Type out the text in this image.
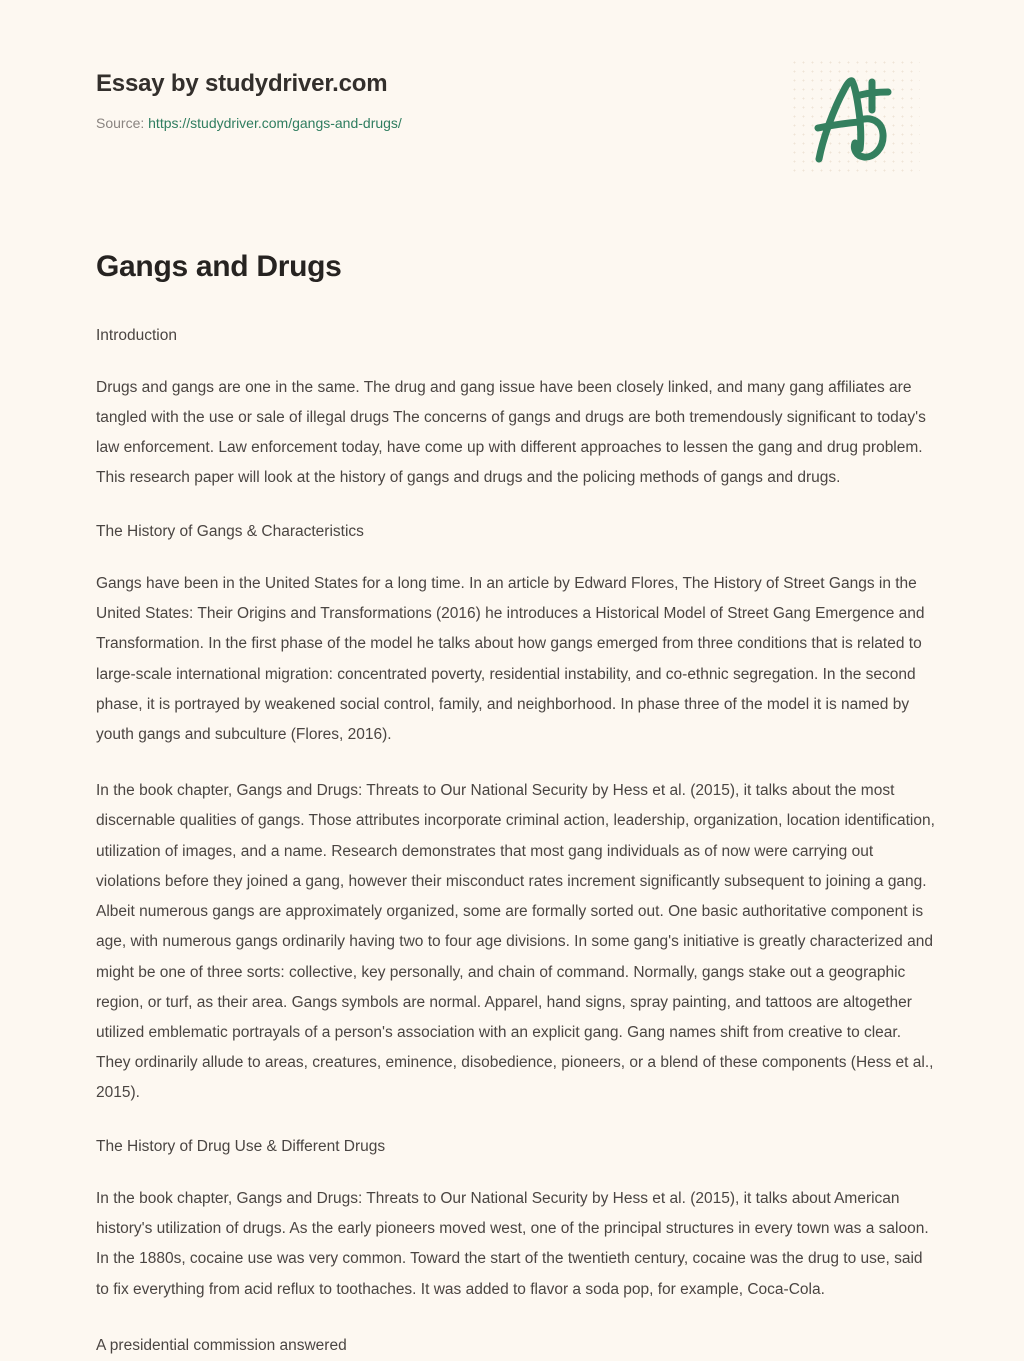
Essay by studydriver.com
Source: https://studydriver.com/gangs-and-drugs/
Gangs and Drugs
Introduction

Drugs and gangs are one in the same. The drug and gang issue have been closely linked, and many gang affiliates are tangled with the use or sale of illegal drugs The concerns of gangs and drugs are both tremendously significant to today's law enforcement. Law enforcement today, have come up with different approaches to lessen the gang and drug problem. This research paper will look at the history of gangs and drugs and the policing methods of gangs and drugs.

The History of Gangs & Characteristics

Gangs have been in the United States for a long time. In an article by Edward Flores, The History of Street Gangs in the United States: Their Origins and Transformations (2016) he introduces a Historical Model of Street Gang Emergence and Transformation. In the first phase of the model he talks about how gangs emerged from three conditions that is related to large-scale international migration: concentrated poverty, residential instability, and co-ethnic segregation. In the second phase, it is portrayed by weakened social control, family, and neighborhood. In phase three of the model it is named by youth gangs and subculture (Flores, 2016).

In the book chapter, Gangs and Drugs: Threats to Our National Security by Hess et al. (2015), it talks about the most discernable qualities of gangs. Those attributes incorporate criminal action, leadership, organization, location identification, utilization of images, and a name. Research demonstrates that most gang individuals as of now were carrying out violations before they joined a gang, however their misconduct rates increment significantly subsequent to joining a gang. Albeit numerous gangs are approximately organized, some are formally sorted out. One basic authoritative component is age, with numerous gangs ordinarily having two to four age divisions. In some gang's initiative is greatly characterized and might be one of three sorts: collective, key personally, and chain of command. Normally, gangs stake out a geographic region, or turf, as their area. Gangs symbols are normal. Apparel, hand signs, spray painting, and tattoos are altogether utilized emblematic portrayals of a person's association with an explicit gang. Gang names shift from creative to clear. They ordinarily allude to areas, creatures, eminence, disobedience, pioneers, or a blend of these components (Hess et al., 2015).

The History of Drug Use & Different Drugs

In the book chapter, Gangs and Drugs: Threats to Our National Security by Hess et al. (2015), it talks about American history's utilization of drugs. As the early pioneers moved west, one of the principal structures in every town was a saloon. In the 1880s, cocaine use was very common. Toward the start of the twentieth century, cocaine was the drug to use, said to fix everything from acid reflux to toothaches. It was added to flavor a soda pop, for example, Coca-Cola.

A presidential commission answered
